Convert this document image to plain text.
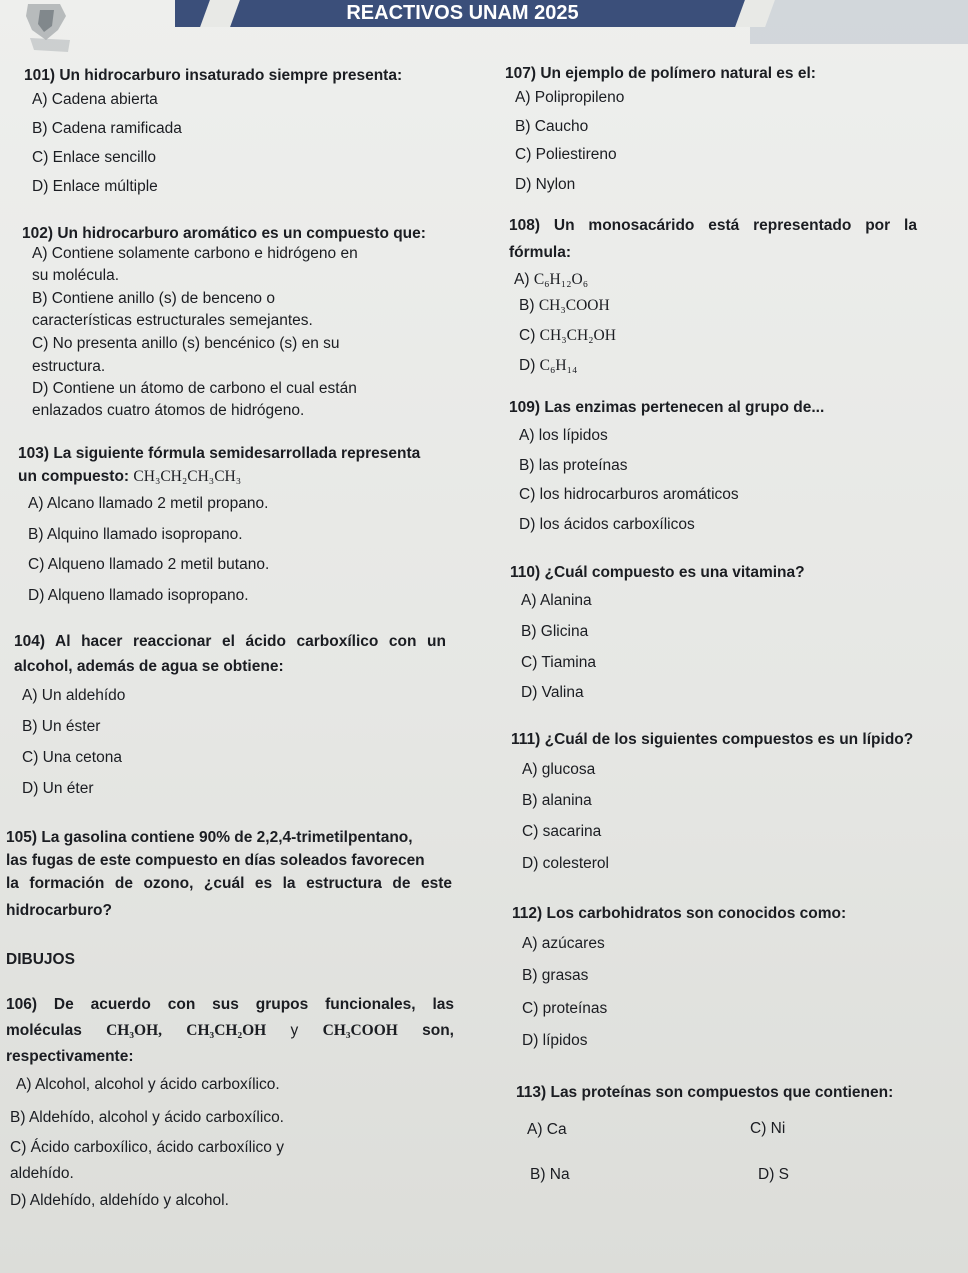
REACTIVOS UNAM 2025
101) Un hidrocarburo insaturado siempre presenta:
A) Cadena abierta
B) Cadena ramificada
C) Enlace sencillo
D) Enlace múltiple
102) Un hidrocarburo aromático es un compuesto que:
A) Contiene solamente carbono e hidrógeno en
su molécula.
B) Contiene anillo (s) de benceno o
características estructurales semejantes.
C) No presenta anillo (s) bencénico (s) en su
estructura.
D) Contiene un átomo de carbono el cual están
enlazados cuatro átomos de hidrógeno.
103) La siguiente fórmula semidesarrollada representa
un compuesto: CH₃CH₂CH₃CH₃
A) Alcano llamado 2 metil propano.
B) Alquino llamado isopropano.
C) Alqueno llamado 2 metil butano.
D) Alqueno llamado isopropano.
104) Al hacer reaccionar el ácido carboxílico con un
alcohol, además de agua se obtiene:
A) Un aldehído
B) Un éster
C) Una cetona
D) Un éter
105) La gasolina contiene 90% de 2,2,4-trimetilpentano,
las fugas de este compuesto en días soleados favorecen
la formación de ozono, ¿cuál es la estructura de este
hidrocarburo?
DIBUJOS
106) De acuerdo con sus grupos funcionales, las
moléculas CH₃OH, CH₃CH₂OH y CH₃COOH son,
respectivamente:
A) Alcohol, alcohol y ácido carboxílico.
B) Aldehído, alcohol y ácido carboxílico.
C) Ácido carboxílico, ácido carboxílico y
aldehído.
D) Aldehído, aldehído y alcohol.
107) Un ejemplo de polímero natural es el:
A) Polipropileno
B) Caucho
C) Poliestireno
D) Nylon
108) Un monosacárido está representado por la
fórmula:
A) C₆H₁₂O₆
B) CH₃COOH
C) CH₃CH₂OH
D) C₆H₁₄
109) Las enzimas pertenecen al grupo de...
A) los lípidos
B) las proteínas
C) los hidrocarburos aromáticos
D) los ácidos carboxílicos
110) ¿Cuál compuesto es una vitamina?
A) Alanina
B) Glicina
C) Tiamina
D) Valina
111) ¿Cuál de los siguientes compuestos es un lípido?
A) glucosa
B) alanina
C) sacarina
D) colesterol
112) Los carbohidratos son conocidos como:
A) azúcares
B) grasas
C) proteínas
D) lípidos
113) Las proteínas son compuestos que contienen:
A) Ca	C) Ni
B) Na	D) S
